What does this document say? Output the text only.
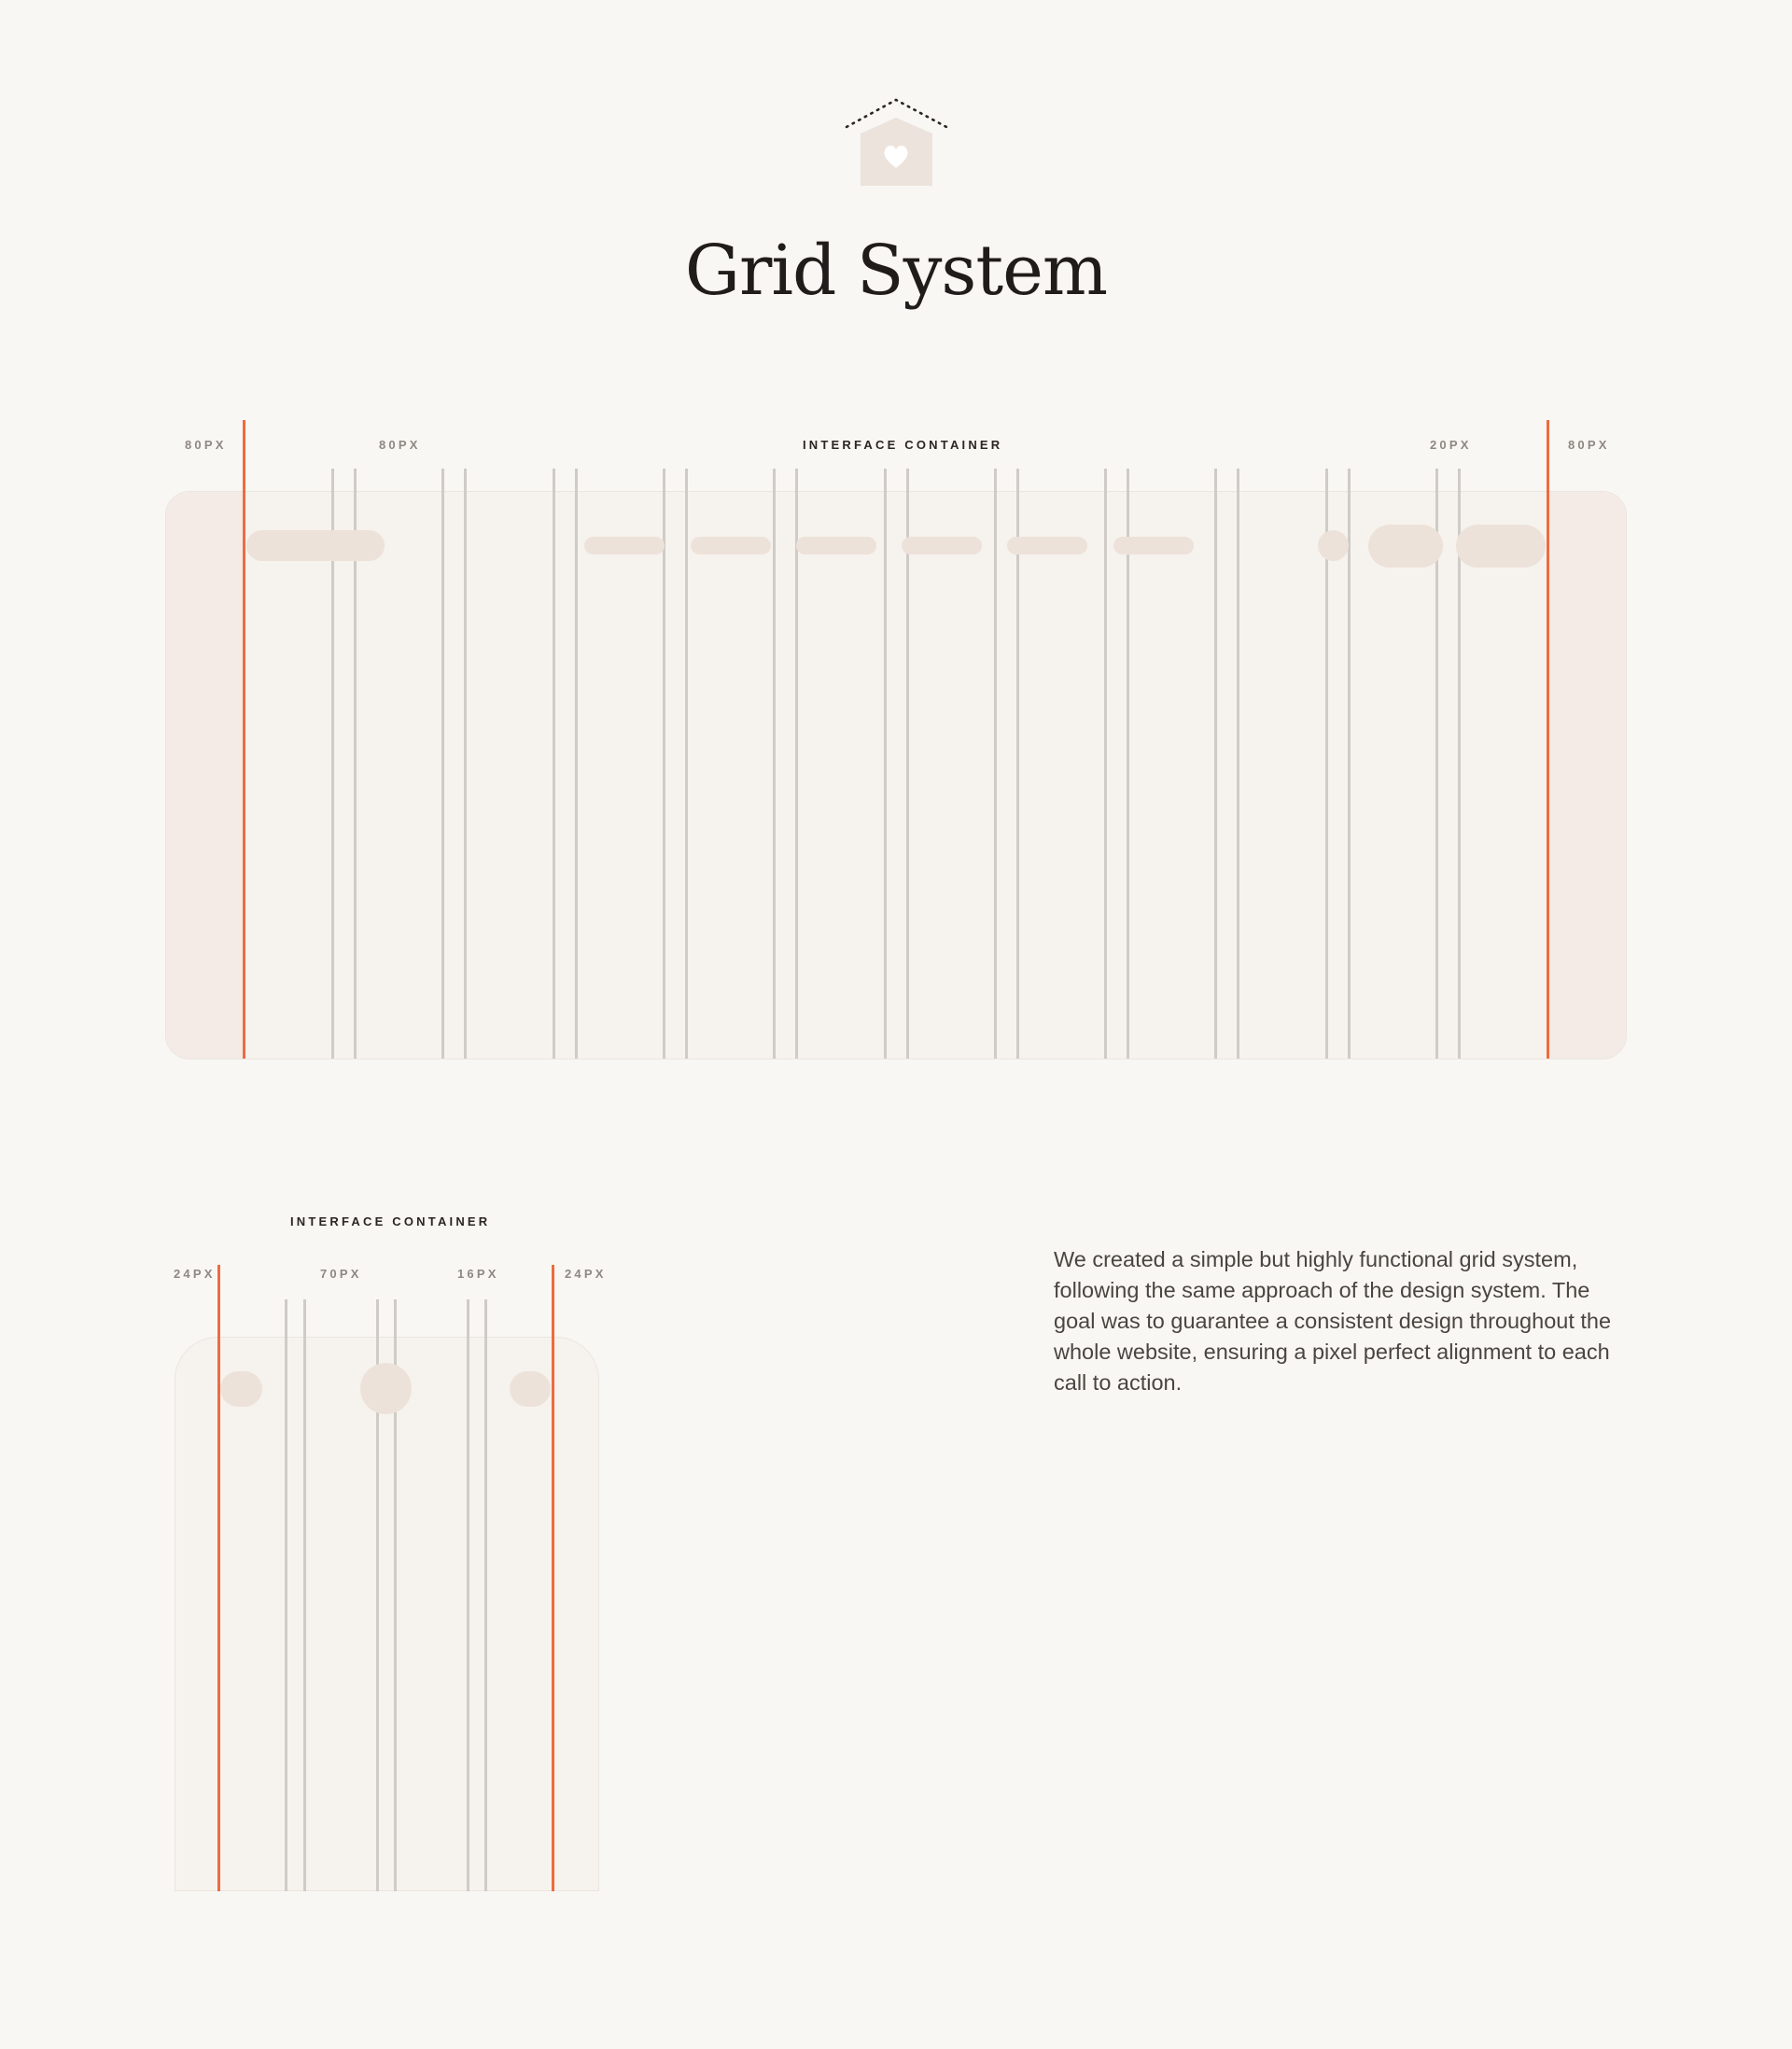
Grid System
80PX	80PX	INTERFACE CONTAINER	20PX	80PX
INTERFACE CONTAINER
24PX	70PX	16PX	24PX
We created a simple but highly functional grid system, following the same approach of the design system. The goal was to guarantee a consistent design throughout the whole website, ensuring a pixel perfect alignment to each call to action.
